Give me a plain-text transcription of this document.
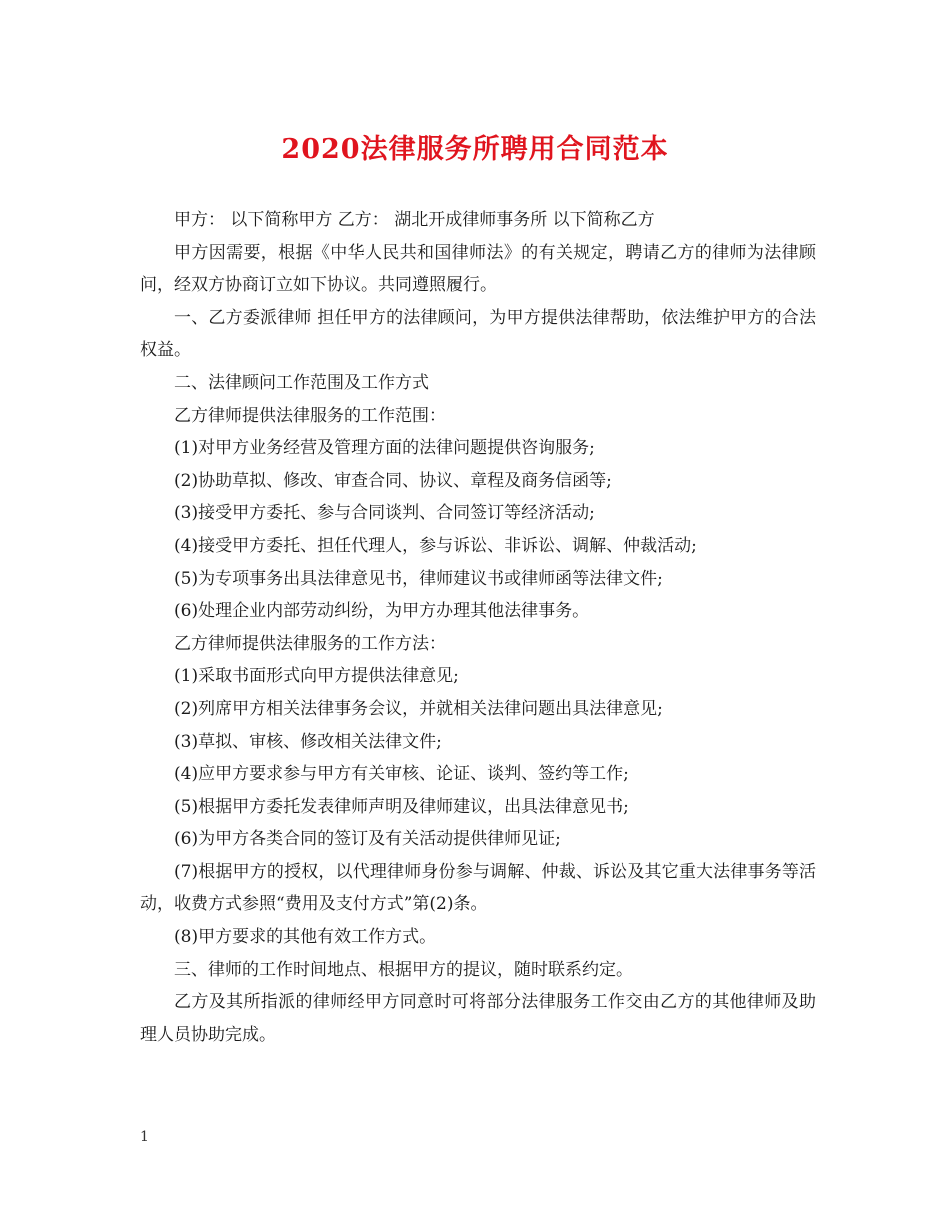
2020法律服务所聘用合同范本

甲方： 以下简称甲方 乙方： 湖北开成律师事务所 以下简称乙方

甲方因需要，根据《中华人民共和国律师法》的有关规定，聘请乙方的律师为法律顾问，经双方协商订立如下协议。共同遵照履行。

一、乙方委派律师 担任甲方的法律顾问，为甲方提供法律帮助，依法维护甲方的合法权益。

二、法律顾问工作范围及工作方式

乙方律师提供法律服务的工作范围：

(1)对甲方业务经营及管理方面的法律问题提供咨询服务;

(2)协助草拟、修改、审查合同、协议、章程及商务信函等;

(3)接受甲方委托、参与合同谈判、合同签订等经济活动;

(4)接受甲方委托、担任代理人，参与诉讼、非诉讼、调解、仲裁活动;

(5)为专项事务出具法律意见书，律师建议书或律师函等法律文件;

(6)处理企业内部劳动纠纷，为甲方办理其他法律事务。

乙方律师提供法律服务的工作方法：

(1)采取书面形式向甲方提供法律意见;

(2)列席甲方相关法律事务会议，并就相关法律问题出具法律意见;

(3)草拟、审核、修改相关法律文件;

(4)应甲方要求参与甲方有关审核、论证、谈判、签约等工作;

(5)根据甲方委托发表律师声明及律师建议，出具法律意见书;

(6)为甲方各类合同的签订及有关活动提供律师见证;

(7)根据甲方的授权，以代理律师身份参与调解、仲裁、诉讼及其它重大法律事务等活动，收费方式参照“费用及支付方式”第(2)条。

(8)甲方要求的其他有效工作方式。

三、律师的工作时间地点、根据甲方的提议，随时联系约定。

乙方及其所指派的律师经甲方同意时可将部分法律服务工作交由乙方的其他律师及助理人员协助完成。

1
